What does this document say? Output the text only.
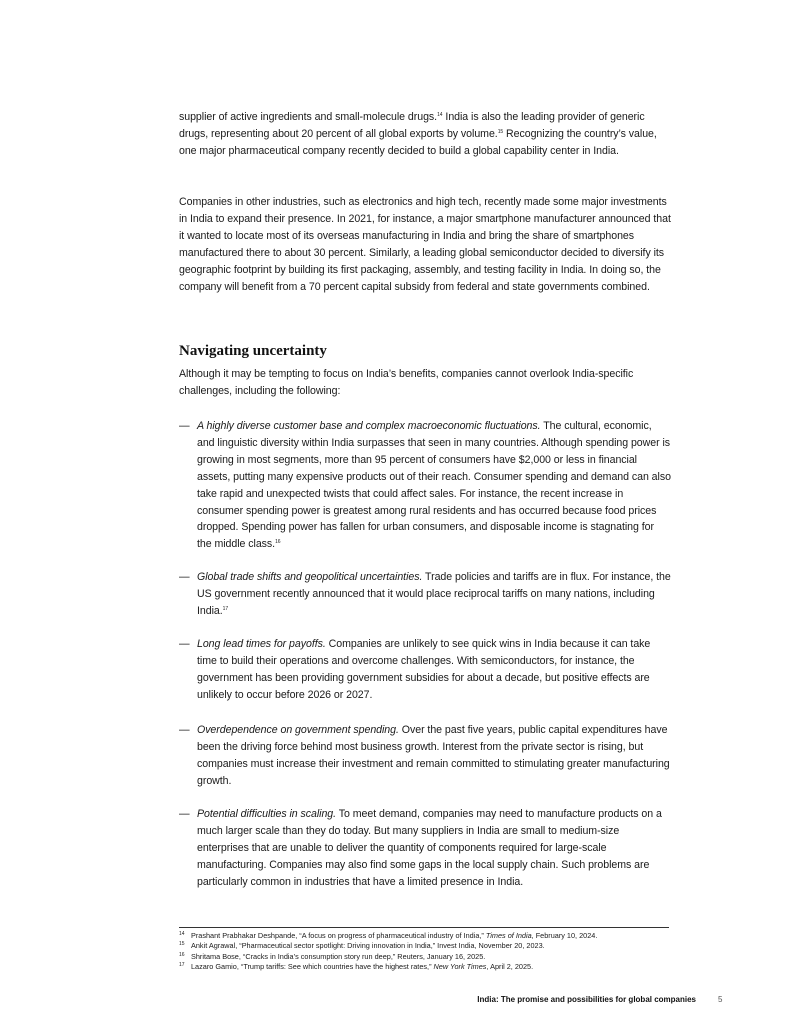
supplier of active ingredients and small-molecule drugs.$^{14}$ India is also the leading provider of generic drugs, representing about 20 percent of all global exports by volume.$^{15}$ Recognizing the country’s value, one major pharmaceutical company recently decided to build a global capability center in India.

Companies in other industries, such as electronics and high tech, recently made some major investments in India to expand their presence. In 2021, for instance, a major smartphone manufacturer announced that it wanted to locate most of its overseas manufacturing in India and bring the share of smartphones manufactured there to about 30 percent. Similarly, a leading global semiconductor decided to diversify its geographic footprint by building its first packaging, assembly, and testing facility in India. In doing so, the company will benefit from a 70 percent capital subsidy from federal and state governments combined.

Navigating uncertainty

Although it may be tempting to focus on India’s benefits, companies cannot overlook India-specific challenges, including the following:

— A highly diverse customer base and complex macroeconomic fluctuations. The cultural, economic, and linguistic diversity within India surpasses that seen in many countries. Although spending power is growing in most segments, more than 95 percent of consumers have $2,000 or less in financial assets, putting many expensive products out of their reach. Consumer spending and demand can also take rapid and unexpected twists that could affect sales. For instance, the recent increase in consumer spending power is greatest among rural residents and has occurred because food prices dropped. Spending power has fallen for urban consumers, and disposable income is stagnating for the middle class.$^{16}$
— Global trade shifts and geopolitical uncertainties. Trade policies and tariffs are in flux. For instance, the US government recently announced that it would place reciprocal tariffs on many nations, including India.$^{17}$
— Long lead times for payoffs. Companies are unlikely to see quick wins in India because it can take time to build their operations and overcome challenges. With semiconductors, for instance, the government has been providing government subsidies for about a decade, but positive effects are unlikely to occur before 2026 or 2027.
— Overdependence on government spending. Over the past five years, public capital expenditures have been the driving force behind most business growth. Interest from the private sector is rising, but companies must increase their investment and remain committed to stimulating greater manufacturing growth.
— Potential difficulties in scaling. To meet demand, companies may need to manufacture products on a much larger scale than they do today. But many suppliers in India are small to medium-size enterprises that are unable to deliver the quantity of components required for large-scale manufacturing. Companies may also find some gaps in the local supply chain. Such problems are particularly common in industries that have a limited presence in India.
14 Prashant Prabhakar Deshpande, “A focus on progress of pharmaceutical industry of India,” Times of India, February 10, 2024.
15 Ankit Agrawal, “Pharmaceutical sector spotlight: Driving innovation in India,” Invest India, November 20, 2023.
16 Shritama Bose, “Cracks in India’s consumption story run deep,” Reuters, January 16, 2025.
17 Lazaro Gamio, “Trump tariffs: See which countries have the highest rates,” New York Times, April 2, 2025.
India: The promise and possibilities for global companies	5
